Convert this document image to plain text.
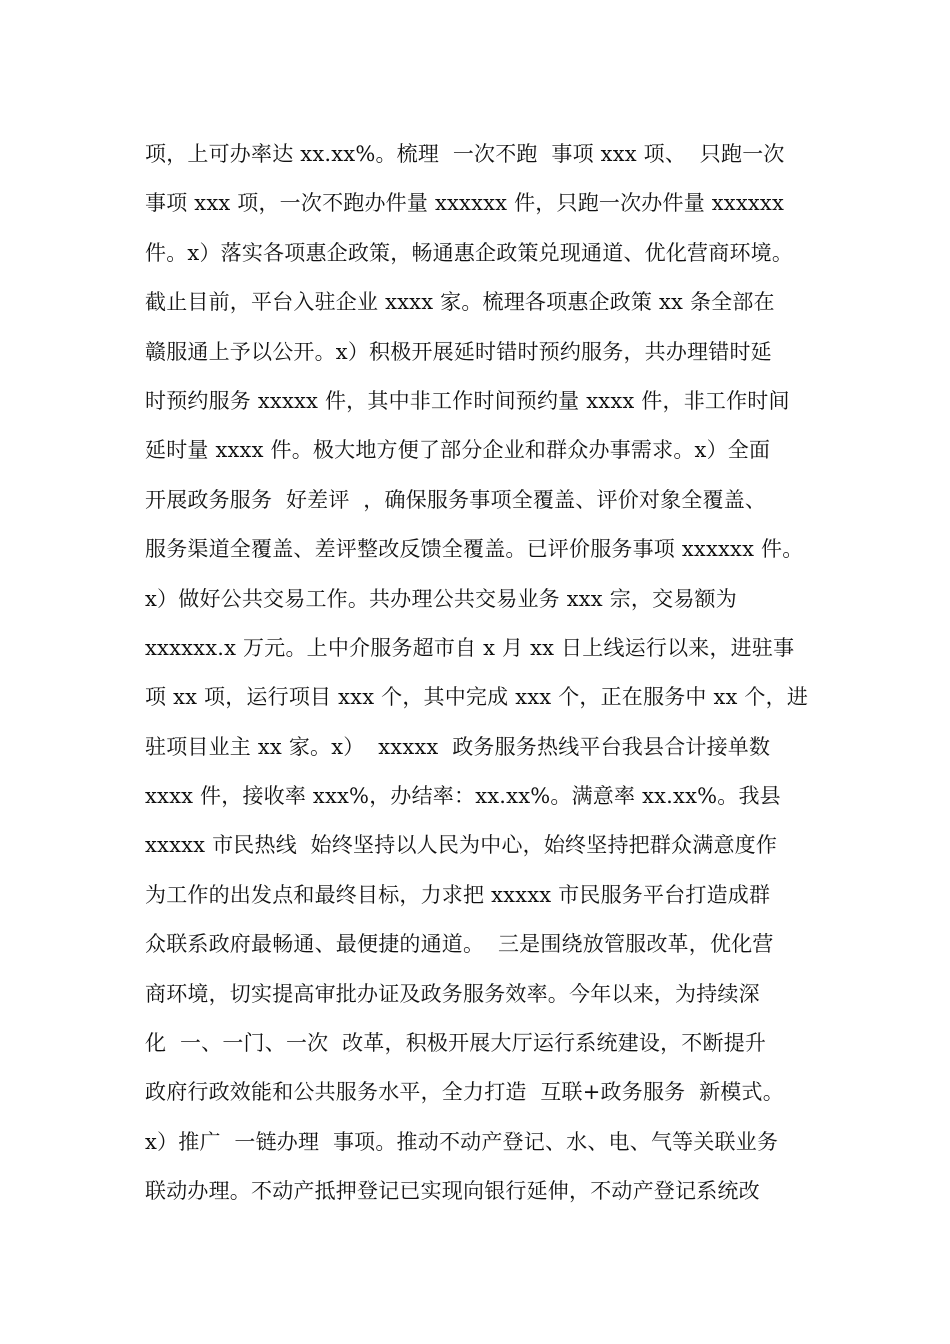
项，上可办率达 xx.xx%。梳理  一次不跑  事项 xxx 项、  只跑一次
事项 xxx 项，一次不跑办件量 xxxxxx 件，只跑一次办件量 xxxxxx
件。x）落实各项惠企政策，畅通惠企政策兑现通道、优化营商环境。
截止目前，平台入驻企业 xxxx 家。梳理各项惠企政策 xx 条全部在
赣服通上予以公开。x）积极开展延时错时预约服务，共办理错时延
时预约服务 xxxxx 件，其中非工作时间预约量 xxxx 件，非工作时间
延时量 xxxx 件。极大地方便了部分企业和群众办事需求。x）全面
开展政务服务  好差评  ，确保服务事项全覆盖、评价对象全覆盖、
服务渠道全覆盖、差评整改反馈全覆盖。已评价服务事项 xxxxxx 件。
x）做好公共交易工作。共办理公共交易业务 xxx 宗，交易额为
xxxxxx.x 万元。上中介服务超市自 x 月 xx 日上线运行以来，进驻事
项 xx 项，运行项目 xxx 个，其中完成 xxx 个，正在服务中 xx 个，进
驻项目业主 xx 家。x）  xxxxx  政务服务热线平台我县合计接单数
xxxx 件，接收率 xxx%，办结率：xx.xx%。满意率 xx.xx%。我县
xxxxx 市民热线  始终坚持以人民为中心，始终坚持把群众满意度作
为工作的出发点和最终目标，力求把 xxxxx 市民服务平台打造成群
众联系政府最畅通、最便捷的通道。  三是围绕放管服改革，优化营
商环境，切实提高审批办证及政务服务效率。今年以来，为持续深
化  一、一门、一次  改革，积极开展大厅运行系统建设，不断提升
政府行政效能和公共服务水平，全力打造  互联+政务服务  新模式。
x）推广  一链办理  事项。推动不动产登记、水、电、气等关联业务
联动办理。不动产抵押登记已实现向银行延伸，不动产登记系统改
